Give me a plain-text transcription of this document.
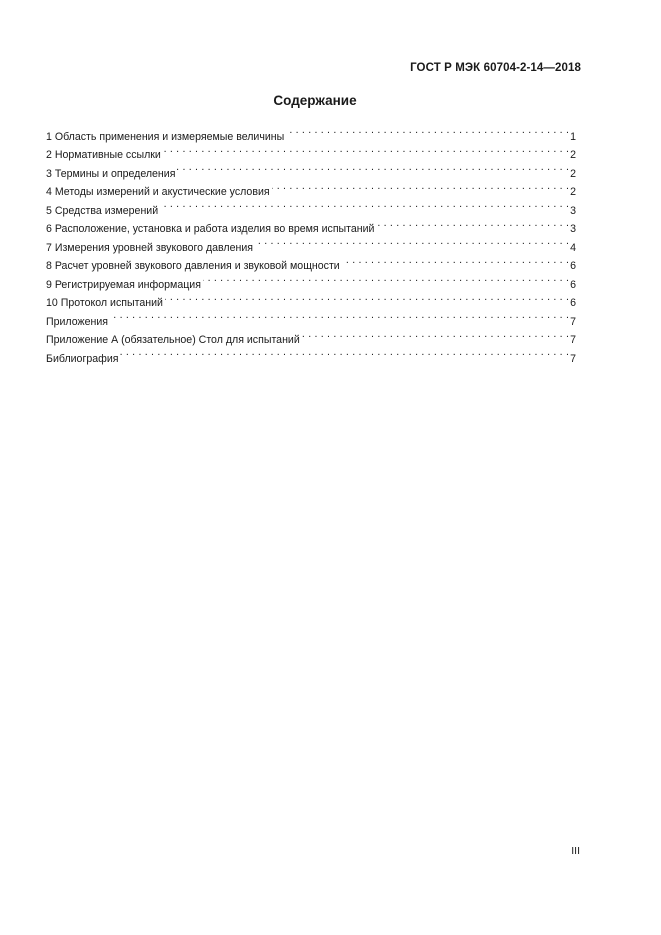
ГОСТ Р МЭК 60704-2-14—2018
Содержание
1 Область применения и измеряемые величины . . .	1
2 Нормативные ссылки . . .	2
3 Термины и определения . . .	2
4 Методы измерений и акустические условия . . .	2
5 Средства измерений . . .	3
6 Расположение, установка и работа изделия во время испытаний . . .	3
7 Измерения уровней звукового давления . . .	4
8 Расчет уровней звукового давления и звуковой мощности . . .	6
9 Регистрируемая информация . . .	6
10 Протокол испытаний . . .	6
Приложения . . .	7
Приложение А (обязательное) Стол для испытаний . . .	7
Библиография . . .	7
III
